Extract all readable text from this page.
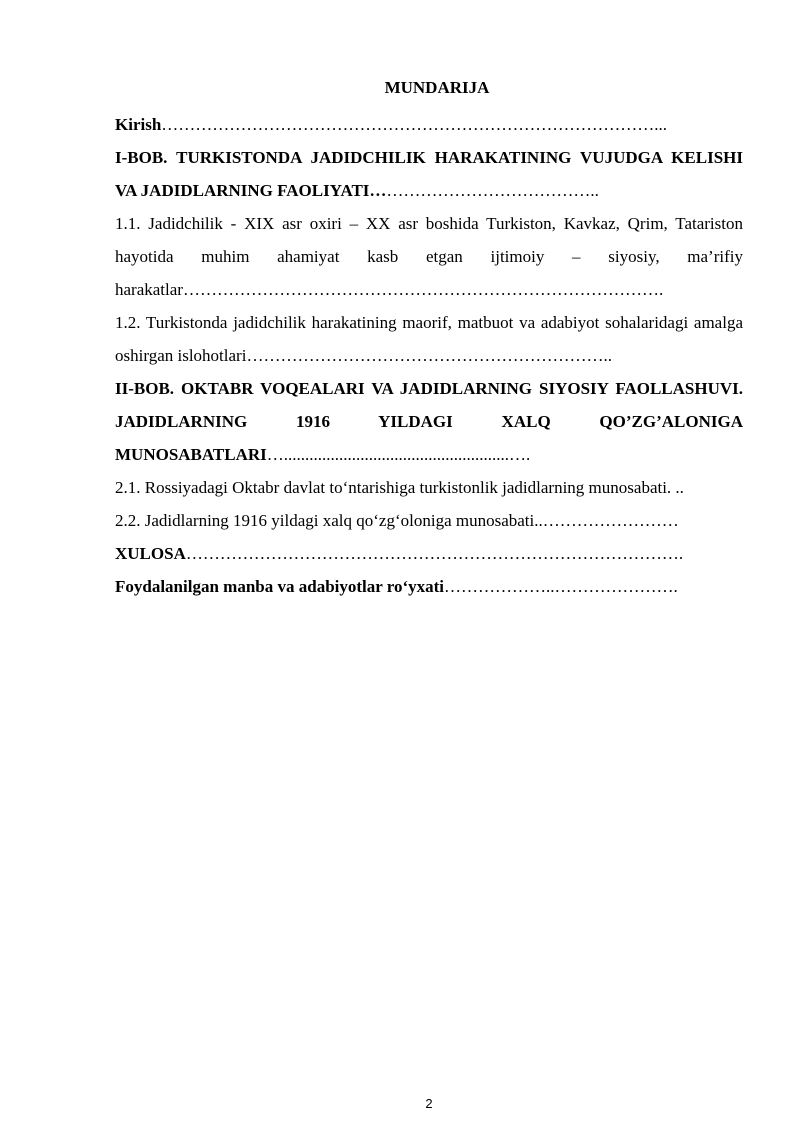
MUNDARIJA

Kirish……………………………………………………………………………...

I-BOB. TURKISTONDA JADIDCHILIK HARAKATINING VUJUDGA KELISHI VA JADIDLARNING FAOLIYATI…………………………………..

1.1. Jadidchilik - XIX asr oxiri – XX asr boshida Turkiston, Kavkaz, Qrim, Tatariston hayotida muhim ahamiyat kasb etgan ijtimoiy – siyosiy, ma’rifiy harakatlar………………………………………………………………………….

1.2. Turkistonda jadidchilik harakatining maorif, matbuot va adabiyot sohalaridagi amalga oshirgan islohotlari………………………………………………………..

II-BOB. OKTABR VOQEALARI VA JADIDLARNING SIYOSIY FAOLLASHUVI. JADIDLARNING 1916 YILDAGI XALQ QO’ZG’ALONIGA MUNOSABATLARI….....................................................….

2.1. Rossiyadagi Oktabr davlat to‘ntarishiga turkistonlik jadidlarning munosabati. ..

2.2. Jadidlarning 1916 yildagi xalq qo‘zg‘oloniga munosabati..……………………

XULOSA…………………………………………………………………………….

Foydalanilgan manba va adabiyotlar ro‘yxati………………..………………….

2
